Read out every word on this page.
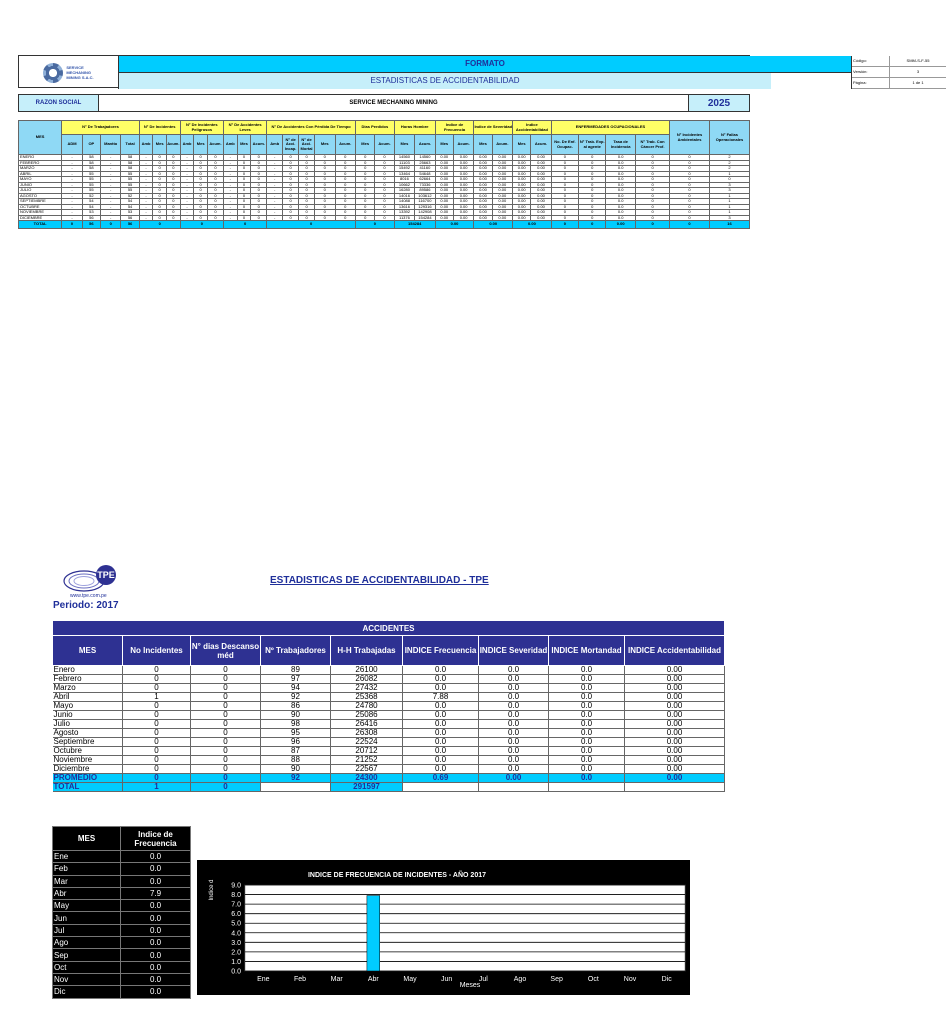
SERVICE
MECHANING
MINING S.A.C.
FORMATO
ESTADISTICAS DE ACCIDENTABILIDAD
Código:
Versión:
Página:
SMM-S-F-55
3
1 de 1
RAZON SOCIAL	SERVICE MECHANING MINING	2025
MES	N° De Trabajadores				N° De Incidentes			N° De Incidentes Peligrosos			N° De Accidentes Leves			N° De Accidentes Con Pérdida De Tiempo					Dias Perdidos		Horas Hombre		Indice de Frecuencia		Indice de Severidad		Indice Accidentabilidad		ENFERMEDADES OCUPACIONALES				N° Incidentes Ambientales	N° Fallas Operacionales
	ADM	OP	Mantto	Total	Amb	Mes	Acum.	Amb	Mes	Acum.	Amb	Mes	Acum.	Amb	N° de Acci. Incap.	N° de Acci. Mortal	Mes	Acum.	Mes	Acum.	Mes	Acum.	Mes	Acum.	Mes	Acum.	Mes	Acum.	No. De Enf. Ocupac.	N° Trab. Exp. al agente	Tasa de Incidencia	N° Trab. Con Cáncer Prof.		
ENERO	-	58	-	58	-	0	0	-	0	0	-	0	0	-	0	0	0	0	0	0	14560	14560	0.00	0.00	0.00	0.00	0.00	0.00	0	0	0.0	0	0	2
FEBRERO	-	58	-	58	-	0	0	-	0	0	-	0	0	-	0	0	0	0	0	0	11103	25663	0.00	0.00	0.00	0.00	0.00	0.00	0	0	0.0	0	0	2
MARZO	-	58	-	58	-	0	0	-	0	0	-	0	0	-	0	0	0	0	0	0	15492	41160	0.00	0.00	0.00	0.00	0.00	0.00	0	0	0.0	0	0	2
ABRIL	-	55	-	55	-	0	0	-	0	0	-	0	0	-	0	0	0	0	0	0	13464	54648	0.00	0.00	0.00	0.00	0.00	0.00	0	0	0.0	0	0	1
MAYO	-	55	-	55	-	0	0	-	0	0	-	0	0	-	0	0	0	0	0	0	8016	62664	0.00	0.00	0.00	0.00	0.00	0.00	0	0	0.0	0	0	0
JUNIO	-	55	-	55	-	0	0	-	0	0	-	0	0	-	0	0	0	0	0	0	10662	73336	0.00	0.00	0.00	0.00	0.00	0.00	0	0	0.0	0	0	3
JULIO	-	55	-	55	-	0	0	-	0	0	-	0	0	-	0	0	0	0	0	0	16280	89586	0.00	0.00	0.00	0.00	0.00	0.00	0	0	0.0	0	0	3
AGOSTO	-	52	-	52	-	0	0	-	0	0	-	0	0	-	0	0	0	0	0	0	14016	103612	0.00	0.00	0.00	0.00	0.00	0.00	0	0	0.0	0	0	1
SEPTIEMBRE	-	54	-	54	-	0	0	-	0	0	-	0	0	-	0	0	0	0	0	0	14088	116700	0.00	0.00	0.00	0.00	0.00	0.00	0	0	0.0	0	0	1
OCTUBRE	-	54	-	54	-	0	0	-	0	0	-	0	0	-	0	0	0	0	0	0	13616	129316	0.00	0.00	0.00	0.00	0.00	0.00	0	0	0.0	0	0	1
NOVIEMBRE	-	53	-	53	-	0	0	-	0	0	-	0	0	-	0	0	0	0	0	0	13392	142908	0.00	0.00	0.00	0.00	0.00	0.00	0	0	0.0	0	0	1
DICIEMBRE	-	56	-	56	-	0	0	-	0	0	-	0	0	-	0	0	0	0	0	0	11376	154284	0.00	0.00	0.00	0.00	0.00	0.00	0	0	0.0	0	0	3
TOTAL	0	56	0	56	0			0			0			0					0		154284		0.00		0.00		0.00		0	0	0.00	0	0	16
TPE
www.tpe.com.pe
Periodo: 2017
ESTADISTICAS DE ACCIDENTABILIDAD - TPE
ACCIDENTES								
MES	No Incidentes	N° dias Descanso méd	Nº Trabajadores	H-H Trabajadas	INDICE Frecuencia	INDICE Severidad	INDICE Mortandad	INDICE Accidentabilidad
Enero	0	0	89	26100	0.0	0.0	0.0	0.00
Febrero	0	0	97	26082	0.0	0.0	0.0	0.00
Marzo	0	0	94	27432	0.0	0.0	0.0	0.00
Abril	1	0	92	25368	7.88	0.0	0.0	0.00
Mayo	0	0	86	24780	0.0	0.0	0.0	0.00
Junio	0	0	90	25086	0.0	0.0	0.0	0.00
Julio	0	0	98	26416	0.0	0.0	0.0	0.00
Agosto	0	0	95	26308	0.0	0.0	0.0	0.00
Septiembre	0	0	96	22524	0.0	0.0	0.0	0.00
Octubre	0	0	87	20712	0.0	0.0	0.0	0.00
Noviembre	0	0	88	21252	0.0	0.0	0.0	0.00
Diciembre	0	0	90	22567	0.0	0.0	0.0	0.00
PROMEDIO	0	0	92	24300	0.69	0.00	0.0	0.00
TOTAL	1	0		291597				
MES	Indice de Frecuencia
Ene	0.0
Feb	0.0
Mar	0.0
Abr	7.9
May	0.0
Jun	0.0
Jul	0.0
Ago	0.0
Sep	0.0
Oct	0.0
Nov	0.0
Dic	0.0
INDICE DE FRECUENCIA DE INCIDENTES - AÑO 2017
Indice d
Meses
0.0
1.0
2.0
3.0
4.0
5.0
6.0
7.0
8.0
9.0
Ene	Feb	Mar	Abr	May	Jun	Jul	Ago	Sep	Oct	Nov	Dic
